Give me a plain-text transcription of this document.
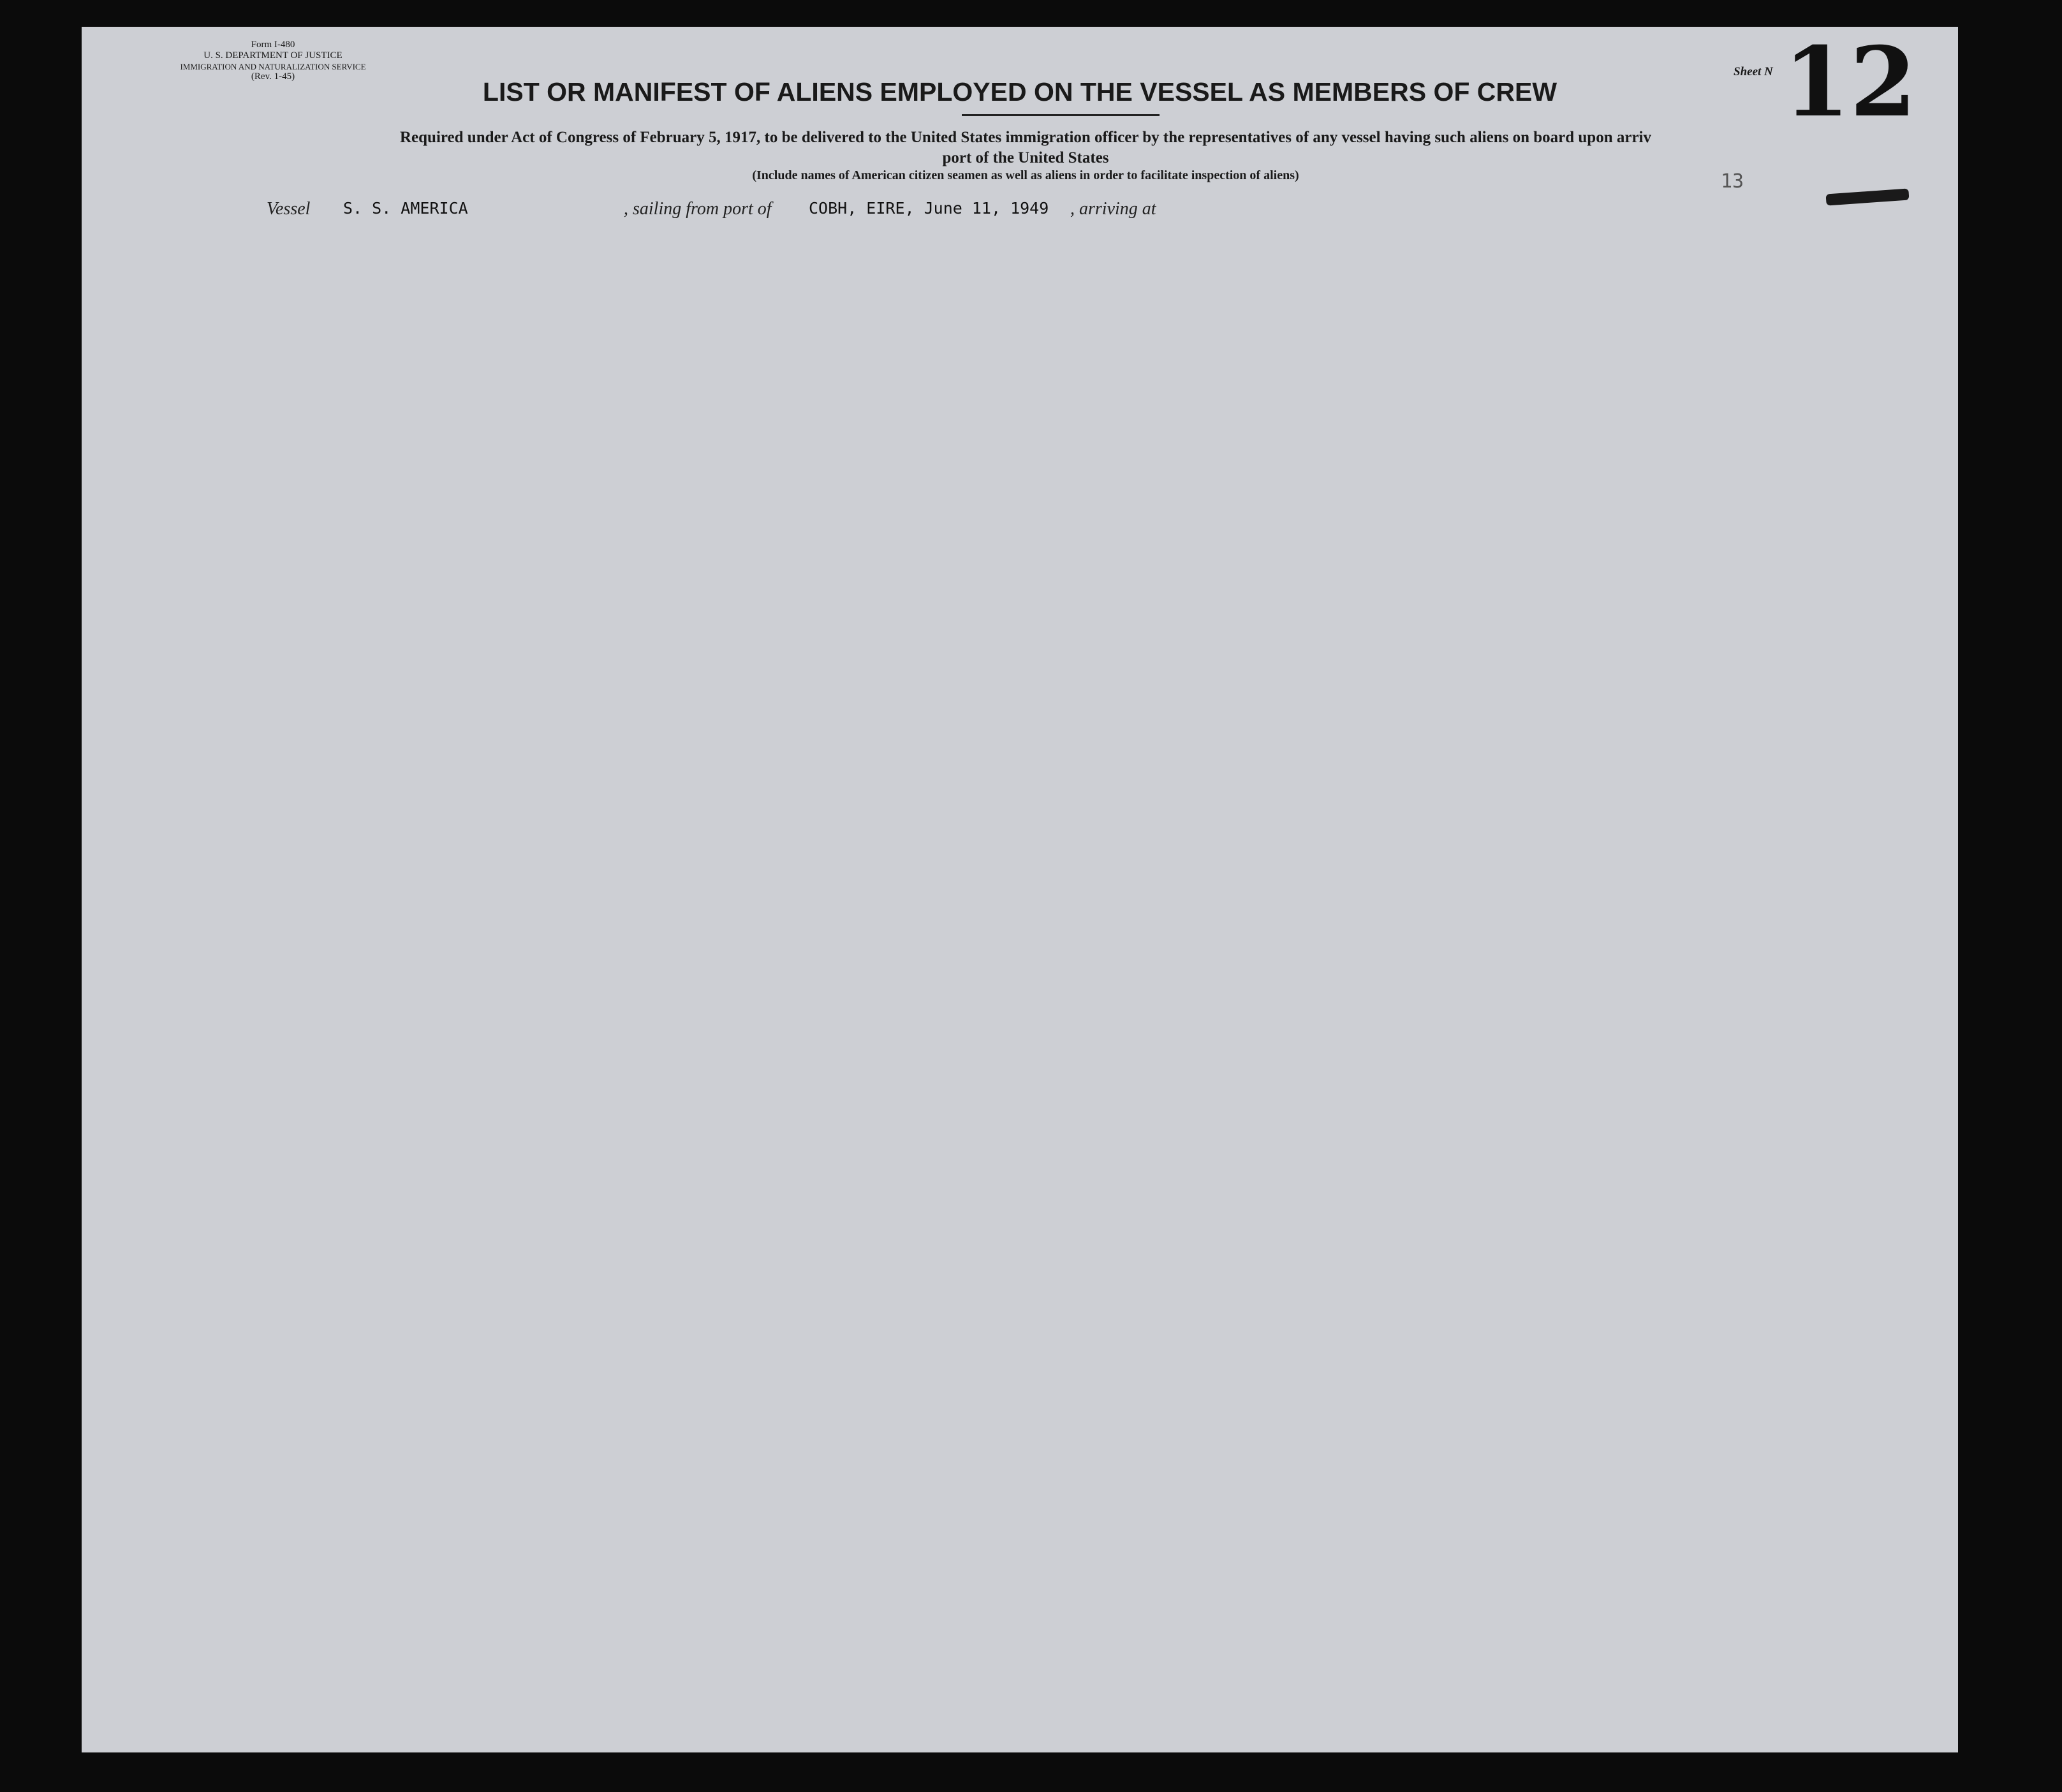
Form I-480
U. S. DEPARTMENT OF JUSTICE
IMMIGRATION AND NATURALIZATION SERVICE
(Rev. 1-45)	Sheet N 12
13
LIST OR MANIFEST OF ALIENS EMPLOYED ON THE VESSEL AS MEMBERS OF CREW
Required under Act of Congress of February 5, 1917, to be delivered to the United States immigration officer by the representatives of any vessel having such aliens on board upon arriv
port of the United States
(Include names of American citizen seamen as well as aliens in order to facilitate inspection of aliens)
Vessel S. S. AMERICA	, sailing from port of COBH, EIRE, June 11, 1949 , arriving at
